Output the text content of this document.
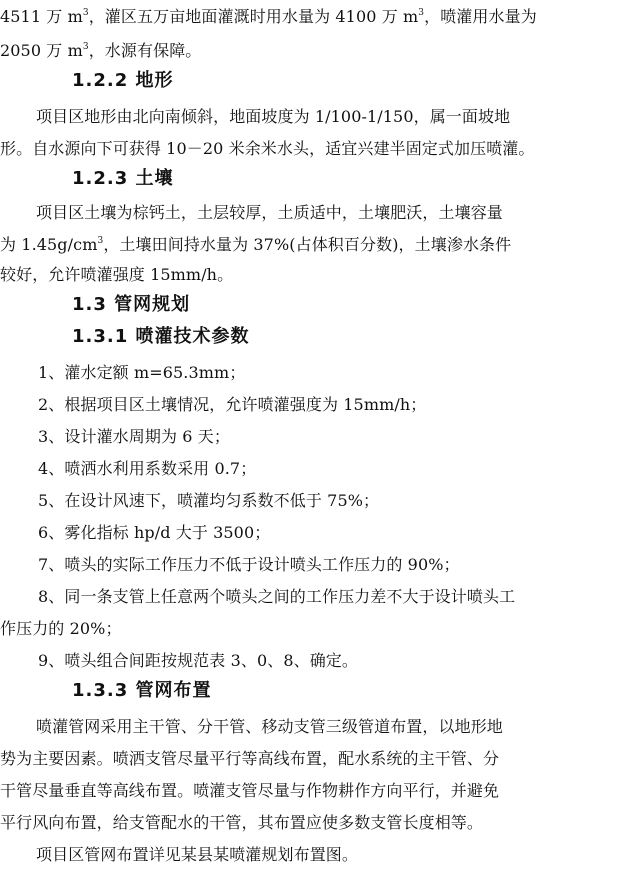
4511 万 $m^3$，灌区五万亩地面灌溉时用水量为 4100 万 $m^3$，喷灌用水量为
2050 万 $m^3$，水源有保障。
1.2.2 地形
项目区地形由北向南倾斜，地面坡度为 1/100-1/150，属一面坡地
形。自水源向下可获得 10－20 米余米水头，适宜兴建半固定式加压喷灌。
1.2.3 土壤
项目区土壤为棕钙土，土层较厚，土质适中，土壤肥沃，土壤容量
为 $1.45g/cm^3$，土壤田间持水量为 37%(占体积百分数)，土壤渗水条件
较好，允许喷灌强度 15mm/h。
1.3 管网规划
1.3.1 喷灌技术参数
1、灌水定额 m=65.3mm；
2、根据项目区土壤情况，允许喷灌强度为 15mm/h；
3、设计灌水周期为 6 天；
4、喷洒水利用系数采用 0.7；
5、在设计风速下，喷灌均匀系数不低于 75%；
6、雾化指标 hp/d 大于 3500；
7、喷头的实际工作压力不低于设计喷头工作压力的 90%；
8、同一条支管上任意两个喷头之间的工作压力差不大于设计喷头工
作压力的 20%；
9、喷头组合间距按规范表 3、0、8、确定。
1.3.3 管网布置
喷灌管网采用主干管、分干管、移动支管三级管道布置，以地形地
势为主要因素。喷洒支管尽量平行等高线布置，配水系统的主干管、分
干管尽量垂直等高线布置。喷灌支管尽量与作物耕作方向平行，并避免
平行风向布置，给支管配水的干管，其布置应使多数支管长度相等。
项目区管网布置详见某县某喷灌规划布置图。
